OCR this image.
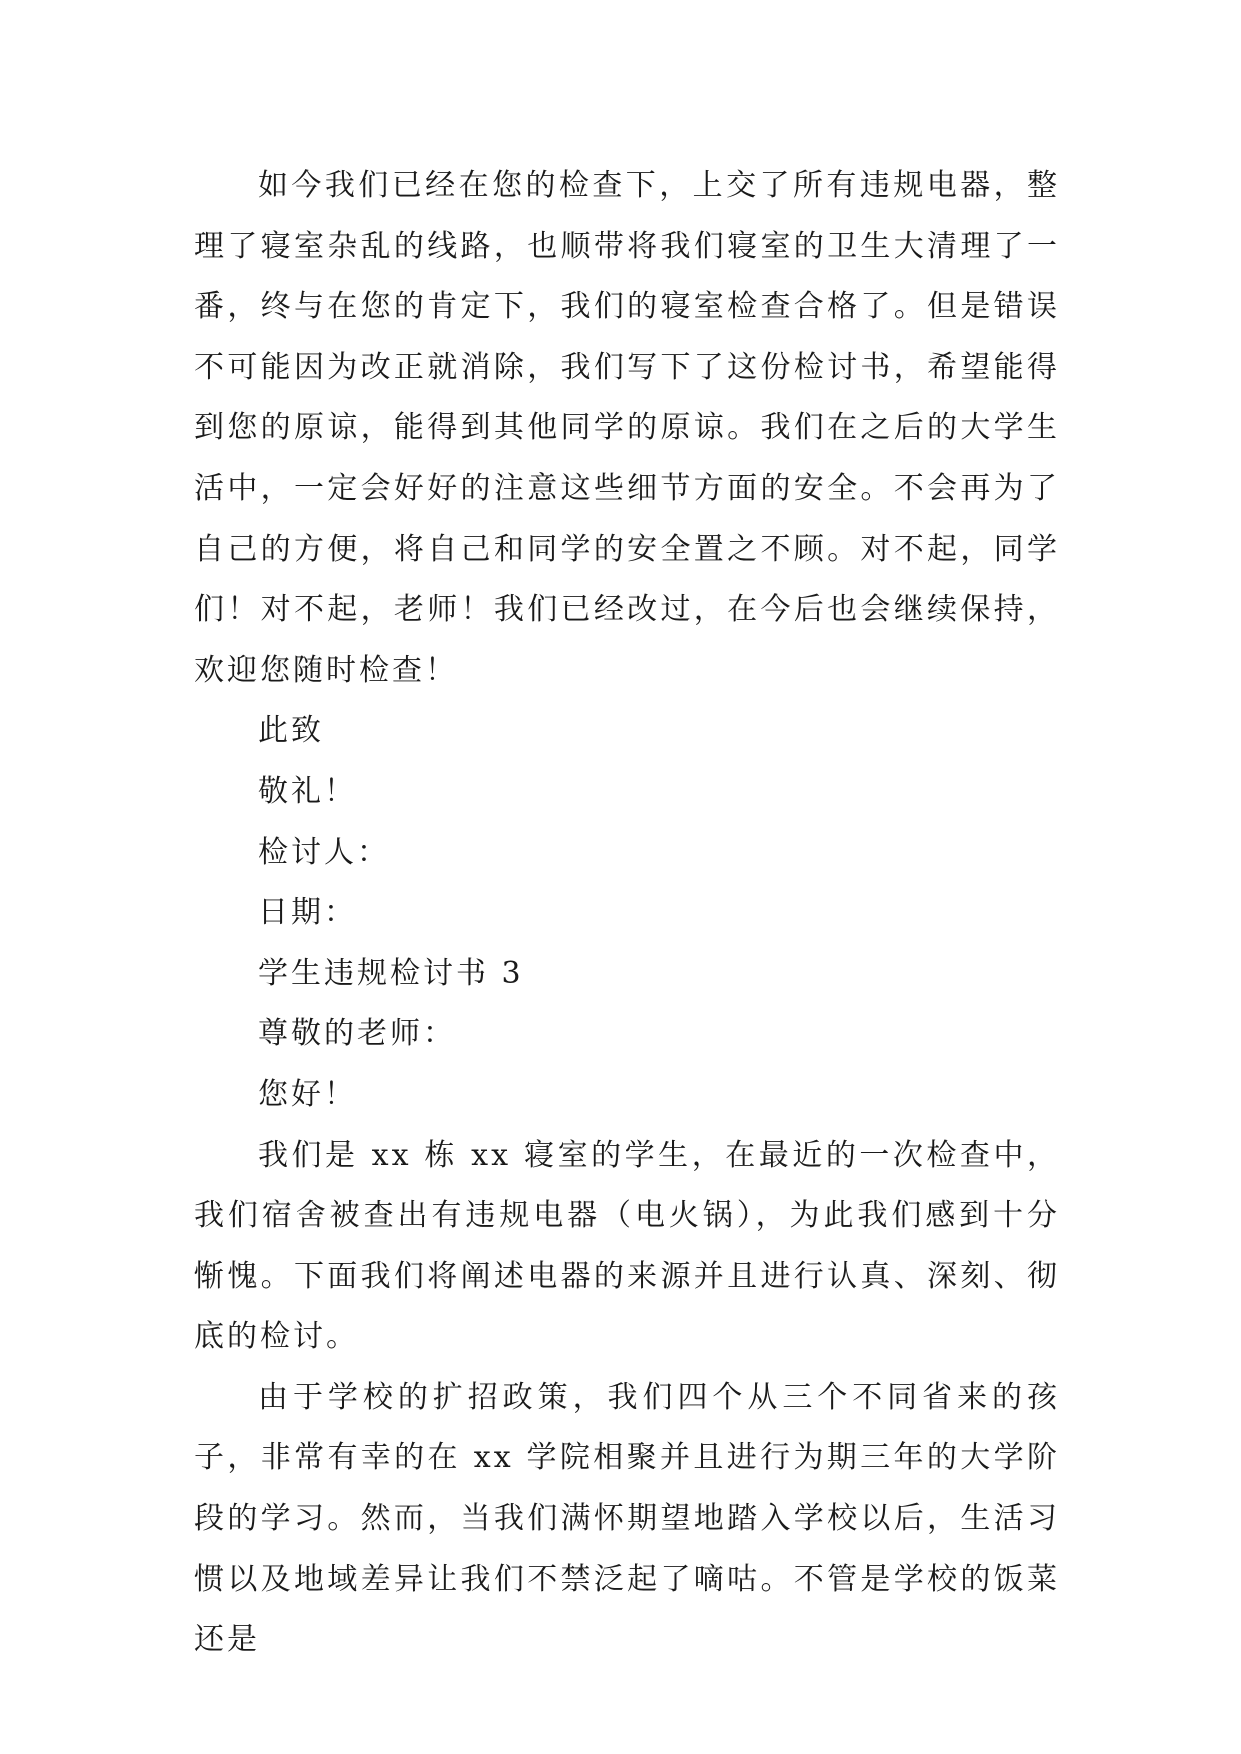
如今我们已经在您的检查下，上交了所有违规电器，整理了寝室杂乱的线路，也顺带将我们寝室的卫生大清理了一番，终与在您的肯定下，我们的寝室检查合格了。但是错误不可能因为改正就消除，我们写下了这份检讨书，希望能得到您的原谅，能得到其他同学的原谅。我们在之后的大学生活中，一定会好好的注意这些细节方面的安全。不会再为了自己的方便，将自己和同学的安全置之不顾。对不起，同学们！对不起，老师！我们已经改过，在今后也会继续保持，欢迎您随时检查！

此致

敬礼！

检讨人：

日期：

学生违规检讨书 3

尊敬的老师：

您好！

我们是 xx 栋 xx 寝室的学生，在最近的一次检查中，我们宿舍被查出有违规电器（电火锅），为此我们感到十分惭愧。下面我们将阐述电器的来源并且进行认真、深刻、彻底的检讨。

由于学校的扩招政策，我们四个从三个不同省来的孩子，非常有幸的在 xx 学院相聚并且进行为期三年的大学阶段的学习。然而，当我们满怀期望地踏入学校以后，生活习惯以及地域差异让我们不禁泛起了嘀咕。不管是学校的饭菜还是
